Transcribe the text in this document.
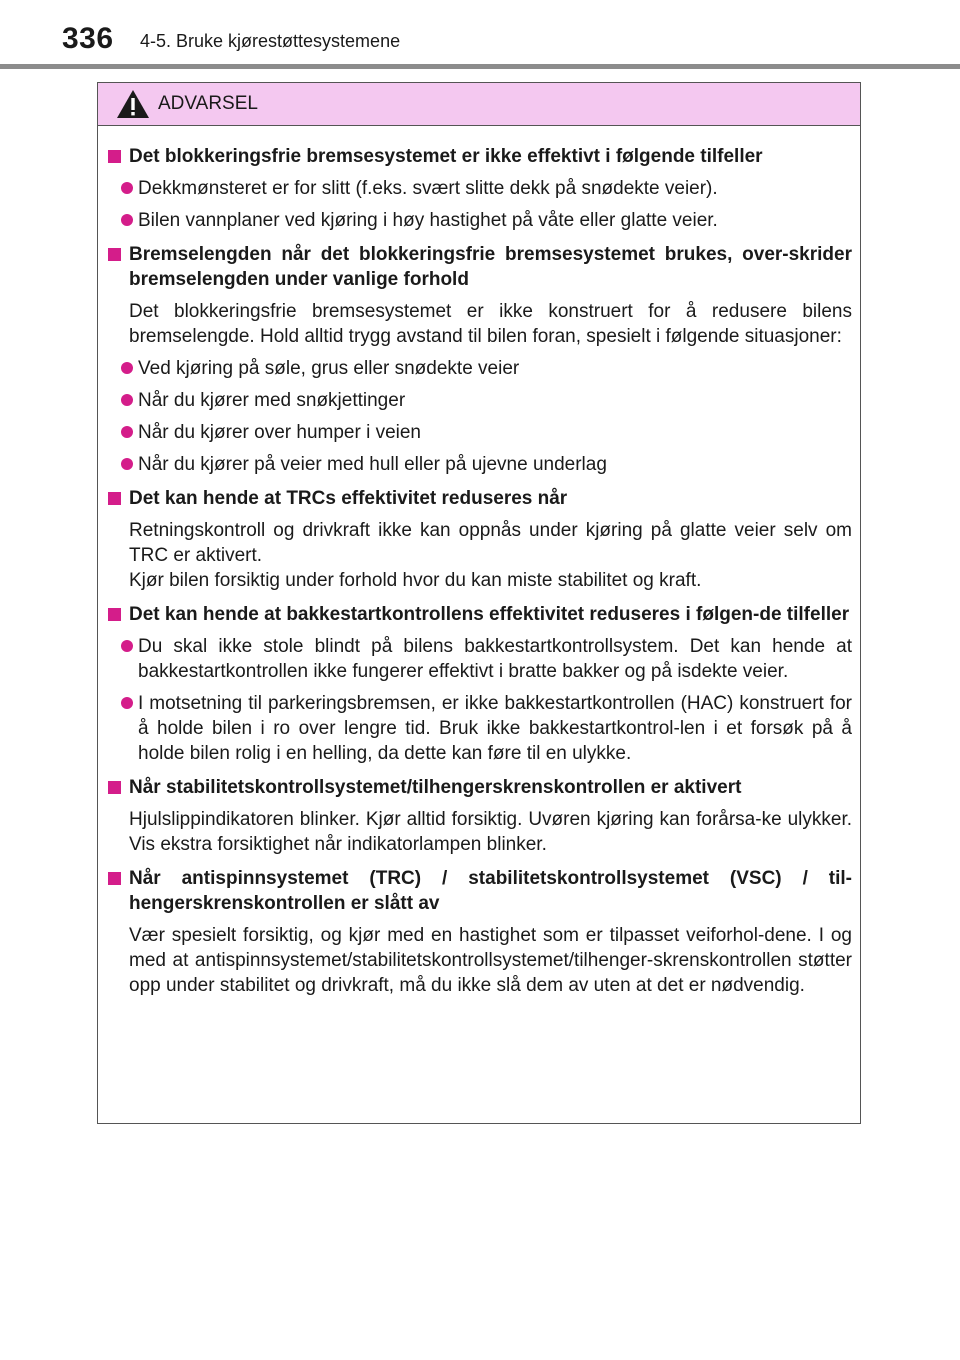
336 4-5. Bruke kjørestøttesystemene
ADVARSEL
Det blokkeringsfrie bremsesystemet er ikke effektivt i følgende tilfeller
Dekkmønsteret er for slitt (f.eks. svært slitte dekk på snødekte veier).
Bilen vannplaner ved kjøring i høy hastighet på våte eller glatte veier.
Bremselengden når det blokkeringsfrie bremsesystemet brukes, over-skrider bremselengden under vanlige forhold
Det blokkeringsfrie bremsesystemet er ikke konstruert for å redusere bilens bremselengde. Hold alltid trygg avstand til bilen foran, spesielt i følgende situasjoner:
Ved kjøring på søle, grus eller snødekte veier
Når du kjører med snøkjettinger
Når du kjører over humper i veien
Når du kjører på veier med hull eller på ujevne underlag
Det kan hende at TRCs effektivitet reduseres når
Retningskontroll og drivkraft ikke kan oppnås under kjøring på glatte veier selv om TRC er aktivert.
Kjør bilen forsiktig under forhold hvor du kan miste stabilitet og kraft.
Det kan hende at bakkestartkontrollens effektivitet reduseres i følgen-de tilfeller
Du skal ikke stole blindt på bilens bakkestartkontrollsystem. Det kan hende at bakkestartkontrollen ikke fungerer effektivt i bratte bakker og på isdekte veier.
I motsetning til parkeringsbremsen, er ikke bakkestartkontrollen (HAC) konstruert for å holde bilen i ro over lengre tid. Bruk ikke bakkestartkontrol-len i et forsøk på å holde bilen rolig i en helling, da dette kan føre til en ulykke.
Når stabilitetskontrollsystemet/tilhengerskrenskontrollen er aktivert
Hjulslippindikatoren blinker. Kjør alltid forsiktig. Uvøren kjøring kan forårsa-ke ulykker. Vis ekstra forsiktighet når indikatorlampen blinker.
Når antispinnsystemet (TRC) / stabilitetskontrollsystemet (VSC) / til-hengerskrenskontrollen er slått av
Vær spesielt forsiktig, og kjør med en hastighet som er tilpasset veiforhol-dene. I og med at antispinnsystemet/stabilitetskontrollsystemet/tilhenger-skrenskontrollen støtter opp under stabilitet og drivkraft, må du ikke slå dem av uten at det er nødvendig.
